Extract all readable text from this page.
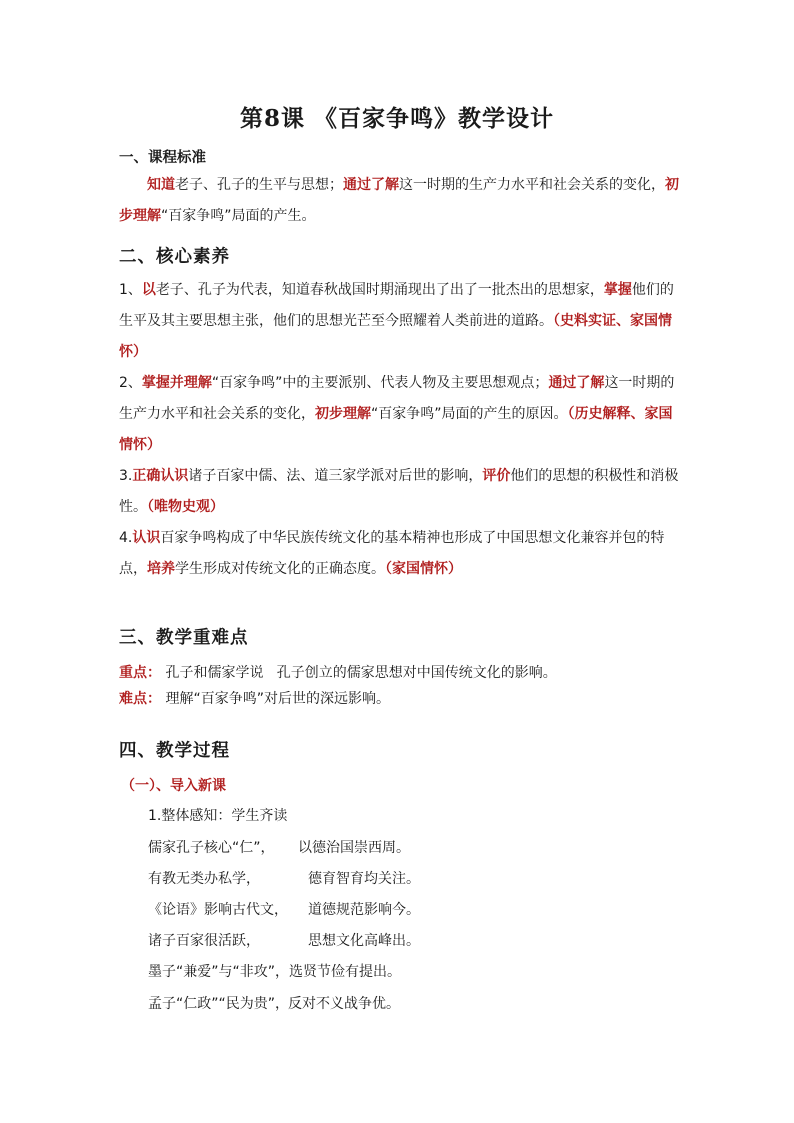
第8课 《百家争鸣》教学设计
一、课程标准
知道老子、孔子的生平与思想；通过了解这一时期的生产力水平和社会关系的变化，初步理解“百家争鸣”局面的产生。
二、核心素养
1、以老子、孔子为代表，知道春秋战国时期涌现出了出了一批杰出的思想家，掌握他们的生平及其主要思想主张，他们的思想光芒至今照耀着人类前进的道路。（史料实证、家国情怀）
2、掌握并理解“百家争鸣”中的主要派别、代表人物及主要思想观点；通过了解这一时期的生产力水平和社会关系的变化，初步理解“百家争鸣”局面的产生的原因。（历史解释、家国情怀）
3.正确认识诸子百家中儒、法、道三家学派对后世的影响，评价他们的思想的积极性和消极性。（唯物史观）
4.认识百家争鸣构成了中华民族传统文化的基本精神也形成了中国思想文化兼容并包的特点，培养学生形成对传统文化的正确态度。（家国情怀）
三、教学重难点
重点： 孔子和儒家学说   孔子创立的儒家思想对中国传统文化的影响。
难点： 理解“百家争鸣”对后世的深远影响。
四、教学过程
（一）、导入新课
1.整体感知：学生齐读
儒家孔子核心“仁”， 以德治国崇西周。
有教无类办私学，	德育智育均关注。
《论语》影响古代文， 道德规范影响今。
诸子百家很活跃，	思想文化高峰出。
墨子“兼爱”与“非攻”，选贤节俭有提出。
孟子“仁政”“民为贵”，反对不义战争优。
